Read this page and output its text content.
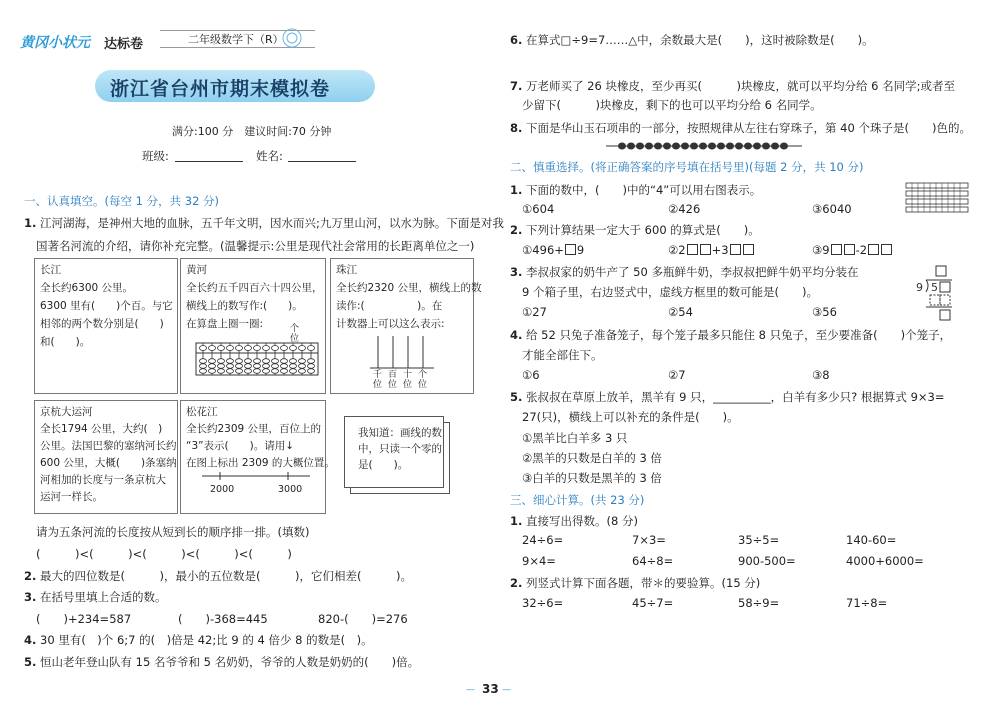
黄冈小状元 达标卷	二年级数学下（R）
浙江省台州市期末模拟卷
满分:100 分　建议时间:70 分钟
班级:	姓名:
一、认真填空。(每空 1 分，共 32 分)
1. 江河湖海，是神州大地的血脉，五千年文明，因水而兴;九万里山河，以水为脉。下面是对我
国著名河流的介绍，请你补充完整。(温馨提示:公里是现代社会常用的长距离单位之一)
长江
全长约6300 公里。
6300 里有(　　)个百。与它
相邻的两个数分别是(　　)
和(　　)。
黄河
全长约五千四百六十四公里，
横线上的数写作:(　　)。
在算盘上圈一圈:	个位
珠江
全长约2320 公里，横线上的数
读作:(　　　　　)。在
计数器上可以这么表示:
千位
百位
十位
个位
京杭大运河
全长1794 公里，大约(　)
公里。法国巴黎的塞纳河长约
600 公里，大概(　　)条塞纳
河相加的长度与一条京杭大
运河一样长。
松花江
全长约2309 公里，百位上的
“3”表示(　　)。请用↓
在图上标出 2309 的大概位置。
2000	3000
我知道：画线的数
中，只读一个零的
是(　　)。
请为五条河流的长度按从短到长的顺序排一排。(填数)
(　　　)<(　　　)<(　　　)<(　　　)<(　　　)
2. 最大的四位数是(　　　)，最小的五位数是(　　　)，它们相差(　　　)。
3. 在括号里填上合适的数。
(　　)+234=587	(　　)-368=445	820-(　　)=276
4. 30 里有(　)个 6;7 的(　)倍是 42;比 9 的 4 倍少 8 的数是(　)。
5. 恒山老年登山队有 15 名爷爷和 5 名奶奶，爷爷的人数是奶奶的(　　)倍。
6. 在算式□÷9=7……△中，余数最大是(　　)，这时被除数是(　　)。
7. 万老师买了 26 块橡皮，至少再买(　　　)块橡皮，就可以平均分给 6 名同学;或者至
少留下(　　　)块橡皮，剩下的也可以平均分给 6 名同学。
8. 下面是华山玉石项串的一部分，按照规律从左往右穿珠子，第 40 个珠子是(　　)色的。
二、慎重选择。(将正确答案的序号填在括号里)(每题 2 分，共 10 分)
1. 下面的数中，(　　)中的“4”可以用右图表示。
①604	②426	③6040
2. 下列计算结果一定大于 600 的算式是(　　)。
①496+ 9	②2 +3	③9 -2
3. 李叔叔家的奶牛产了 50 多瓶鲜牛奶，李叔叔把鲜牛奶平均分装在
9 个箱子里，右边竖式中，虚线方框里的数可能是(　　)。	9 5
①27	②54	③56
4. 给 52 只兔子准备笼子，每个笼子最多只能住 8 只兔子，至少要准备(　　)个笼子，
才能全部住下。
①6	②7	③8
5. 张叔叔在草原上放羊，黑羊有 9 只，__________，白羊有多少只? 根据算式 9×3=
27(只)，横线上可以补充的条件是(　　)。
①黑羊比白羊多 3 只
②黑羊的只数是白羊的 3 倍
③白羊的只数是黑羊的 3 倍
三、细心计算。(共 23 分)
1. 直接写出得数。(8 分)
24÷6=	7×3=	35÷5=	140-60=
9×4=	64÷8=	900-500=	4000+6000=
2. 列竖式计算下面各题，带＊的要验算。(15 分)
32÷6=	45÷7=	58÷9=	71÷8=
33
—	—
